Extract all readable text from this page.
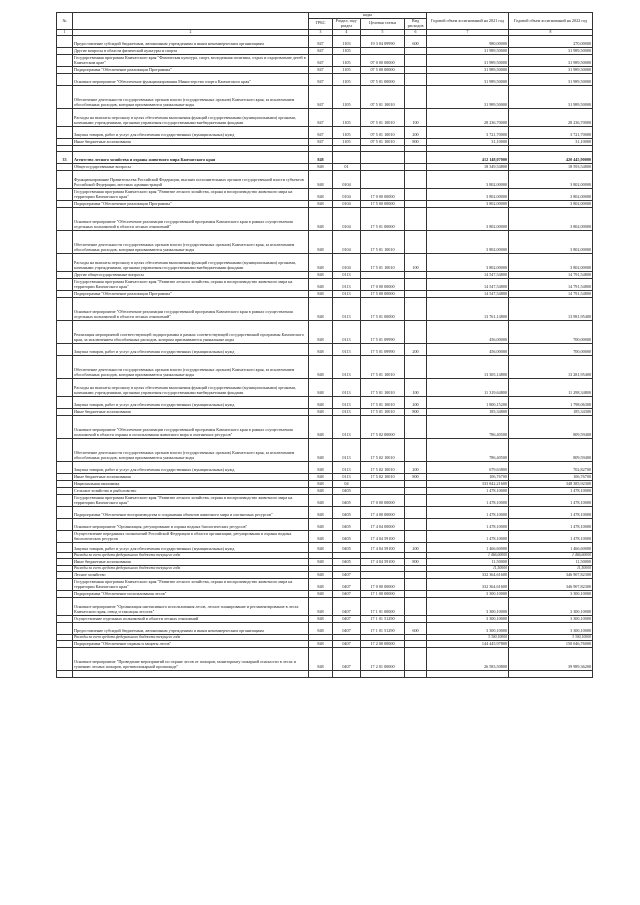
№		коды				Годовой объем ассигнований на 2021 год	Годовой объем ассигнований на 2022 год
		ГРБС	Раздел, под-раздел	Целевая статья	Вид расходов		
1	2	3	4	5	6	7	8
	Предоставление субсидий бюджетным, автономным учреждениям и иным некоммерческим организациям	847	1103	19 3 04 09990	600	980,00000	270,00000
	Другие вопросы в области физической культуры и спорта	847	1105			31 989,50000	31 989,50000
	Государственная программа Камчатского края "Физическая культура, спорт, молодежная политика, отдых и оздоровление детей в Камчатском крае"	847	1105	07 0 00 00000		31 989,50000	31 989,50000
	Подпрограмма "Обеспечение реализации Программы"	847	1105	07 5 00 00000		31 989,50000	31 989,50000
	Основное мероприятие "Обеспечение функционирования Министерства спорта Камчатского края"	847	1105	07 5 01 00000		31 989,50000	31 989,50000
	Обеспечение деятельности государственных органов власти (государственных органов) Камчатского края, за исключением обособленных расходов, которым присваиваются уникальные коды	847	1105	07 5 01 10010		31 989,50000	31 989,50000
	Расходы на выплаты персоналу в целях обеспечения выполнения функций государственными (муниципальными) органами, казенными учреждениями, органами управления государственными внебюджетными фондами	847	1105	07 5 01 10010	100	28 236,70000	28 236,70000
	Закупка товаров, работ и услуг для обеспечения государственных (муниципальных) нужд	847	1105	07 5 01 10010	200	3 721,70000	3 721,70000
	Иные бюджетные ассигнования	847	1105	07 5 01 10010	800	31,10000	31,10000

33	Агентство лесного хозяйства и охраны животного мира Камчатского края	848				412 148,07000	420 445,90000
	Общегосударственные вопросы	848	01			18 349,54800	18 593,54800
	Функционирование Правительства Российской Федерации, высших исполнительных органов государственной власти субъектов Российской Федерации, местных администраций	848	0104			3 802,00000	3 802,00000
	Государственная программа Камчатского края "Развитие лесного хозяйства, охрана и воспроизводство животного мира на территории Камчатского края"	848	0104	17 0 00 00000		3 802,00000	3 802,00000
	Подпрограмма "Обеспечение реализации Программы"	848	0104	17 5 00 00000		3 802,00000	3 802,00000
	Основное мероприятие "Обеспечение реализации государственной программы Камчатского края в рамках осуществления отдельных полномочий в области лесных отношений"	848	0104	17 5 01 00000		3 802,00000	3 802,00000
	Обеспечение деятельности государственных органов власти (государственных органов) Камчатского края, за исключением обособленных расходов, которым присваиваются уникальные коды	848	0104	17 5 01 10010		3 802,00000	3 802,00000
	Расходы на выплаты персоналу в целях обеспечения выполнения функций государственными (муниципальными) органами, казенными учреждениями, органами управления государственными внебюджетными фондами	848	0104	17 5 01 10010	100	3 802,00000	3 802,00000
	Другие общегосударственные вопросы	848	0113			14 547,54800	14 791,54800
	Государственная программа Камчатского края "Развитие лесного хозяйства, охрана и воспроизводство животного мира на территории Камчатского края"	848	0113	17 0 00 00000		14 547,54800	14 791,54800
	Подпрограмма "Обеспечение реализации Программы"	848	0113	17 5 00 00000		14 547,54800	14 791,54800
	Основное мероприятие "Обеспечение реализации государственной программы Камчатского края в рамках осуществления отдельных полномочий в области лесных отношений"	848	0113	17 5 01 00000		13 761,14800	13 981,95400
	Реализация мероприятий соответствующей подпрограммы в рамках соответствующей государственной программы Камчатского края, за исключением обособленных расходов, которым присваиваются уникальные коды	848	0113	17 5 01 09990		456,00000	700,00000
	Закупка товаров, работ и услуг для обеспечения государственных (муниципальных) нужд	848	0113	17 5 01 09990	200	456,00000	700,00000
	Обеспечение деятельности государственных органов власти (государственных органов) Камчатского края, за исключением обособленных расходов, которым присваиваются уникальные коды	848	0113	17 5 01 10010		13 305,14800	13 281,95400
	Расходы на выплаты персоналу в целях обеспечения выполнения функций государственными (муниципальными) органами, казенными учреждениями, органами управления государственными внебюджетными фондами	848	0113	17 5 01 10010	100	11 319,64800	11 298,34800
	Закупка товаров, работ и услуг для обеспечения государственных (муниципальных) нужд	848	0113	17 5 01 10010	200	1 800,15200	1 798,06300
	Иные бюджетные ассигнования	848	0113	17 5 01 10010	800	185,34800	185,34300
	Основное мероприятие "Обеспечение реализации государственной программы Камчатского края в рамках осуществления полномочий в области охраны и использования животного мира и охотничьих ресурсов"	848	0113	17 5 02 00000		786,40500	809,59400
	Обеспечение деятельности государственных органов власти (государственных органов) Камчатского края, за исключением обособленных расходов, которым присваиваются уникальные коды	848	0113	17 5 02 10010		786,40500	809,59400
	Закупка товаров, работ и услуг для обеспечения государственных (муниципальных) нужд	848	0113	17 5 02 10010	200	679,63800	702,82700
	Иные бюджетные ассигнования	848	0113	17 5 02 10010	800	106,76700	106,76700
	Национальная экономика	848	04			333 842,21600	348 385,92300
	Сельское хозяйство и рыболовство	848	0405			1 478,10000	1 478,10000
	Государственная программа Камчатского края "Развитие лесного хозяйства, охрана и воспроизводство животного мира на территории Камчатского края"	848	0405	17 0 00 00000		1 478,10000	1 478,10000
	Подпрограмма "Обеспечение воспроизводства и сохранения объектов животного мира и охотничьих ресурсов"	848	0405	17 4 00 00000		1 478,10000	1 478,10000
	Основное мероприятие "Организация, регулирование и охрана водных биологических ресурсов"	848	0405	17 4 04 00000		1 478,10000	1 478,10000
	Осуществление переданных полномочий Российской Федерации в области организации, регулирования и охраны водных биологических ресурсов	848	0405	17 4 04 59100		1 478,10000	1 478,10000
	Закупка товаров, работ и услуг для обеспечения государственных (муниципальных) нужд	848	0405	17 4 04 59100	200	1 466,60000	1 466,60000
	Расходы за счет средств федерального бюджета текущего года					1 466,60000	1 466,60000
	Иные бюджетные ассигнования	848	0405	17 4 04 59100	800	11,50000	11,50000
	Расходы за счет средств федерального бюджета текущего года					11,50000	11,50000
	Лесное хозяйство	848	0407			332 364,61600	346 907,82300
	Государственная программа Камчатского края "Развитие лесного хозяйства, охрана и воспроизводство животного мира на территории Камчатского края"	848	0407	17 0 00 00000		332 364,61600	346 907,82300
	Подпрограмма "Обеспечение использования лесов"	848	0407	17 1 00 00000		3 300,10000	3 300,10000
	Основное мероприятие "Организация интенсивного использования лесов, лесное планирование и регламентирование в лесах Камчатского края, отвод и таксация лесосек"	848	0407	17 1 01 00000		3 300,10000	3 300,10000
	Осуществление отдельных полномочий в области лесных отношений	848	0407	17 1 01 51290		3 300,10000	3 300,10000
	Предоставление субсидий бюджетным, автономным учреждениям и иным некоммерческим организациям	848	0407	17 1 01 51290	600	3 300,10000	3 300,10000
	Расходы за счет средств федерального бюджета текущего года					3 300,10000	3 300,10000
	Подпрограмма "Обеспечение охраны и защиты лесов"	848	0407	17 2 00 00000		144 445,97800	150 046,76000
	Основное мероприятие "Проведение мероприятий по охране лесов от пожаров, мониторингу пожарной опасности в лесах и тушению лесных пожаров, противопожарной пропаганде"	848	0407	17 2 01 00000		26 583,50800	39 989,36200
